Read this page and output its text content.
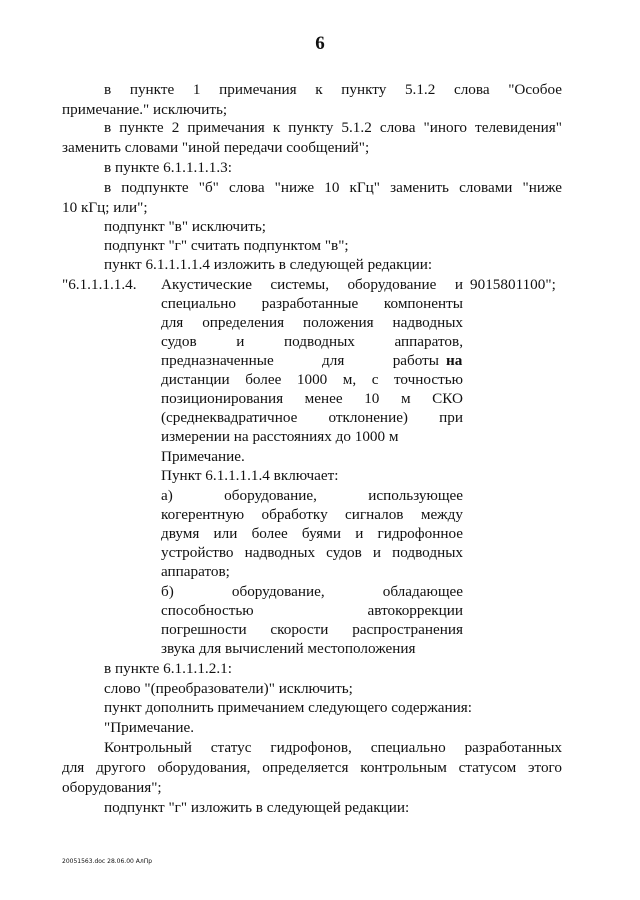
6
в пункте 1 примечания к пункту 5.1.2 слова "Особое
примечание." исключить;
в пункте 2 примечания к пункту 5.1.2 слова "иного телевидения"
заменить словами "иной передачи сообщений";
в пункте 6.1.1.1.1.3:
в подпункте "б" слова "ниже 10 кГц" заменить словами "ниже
10 кГц; или";
подпункт "в" исключить;
подпункт "г" считать подпунктом "в";
пункт 6.1.1.1.1.4 изложить в следующей редакции:
"6.1.1.1.1.4.	9015801100";
Акустические системы, оборудование и
специально разработанные компоненты
для определения положения надводных
судов и подводных аппаратов,
предназначенные для работы на
дистанции более 1000 м, с точностью
позиционирования менее 10 м СКО
(среднеквадратичное отклонение) при
измерении на расстояниях до 1000 м
Примечание.
Пункт 6.1.1.1.1.4 включает:
а) оборудование, использующее
когерентную обработку сигналов между
двумя или более буями и гидрофонное
устройство надводных судов и подводных
аппаратов;
б) оборудование, обладающее
способностью автокоррекции
погрешности скорости распространения
звука для вычислений местоположения
в пункте 6.1.1.1.2.1:
слово "(преобразователи)" исключить;
пункт дополнить примечанием следующего содержания:
"Примечание.
Контрольный статус гидрофонов, специально разработанных
для другого оборудования, определяется контрольным статусом этого
оборудования";
подпункт "г" изложить в следующей редакции:
20051563.doc 28.06.00 АлПр
